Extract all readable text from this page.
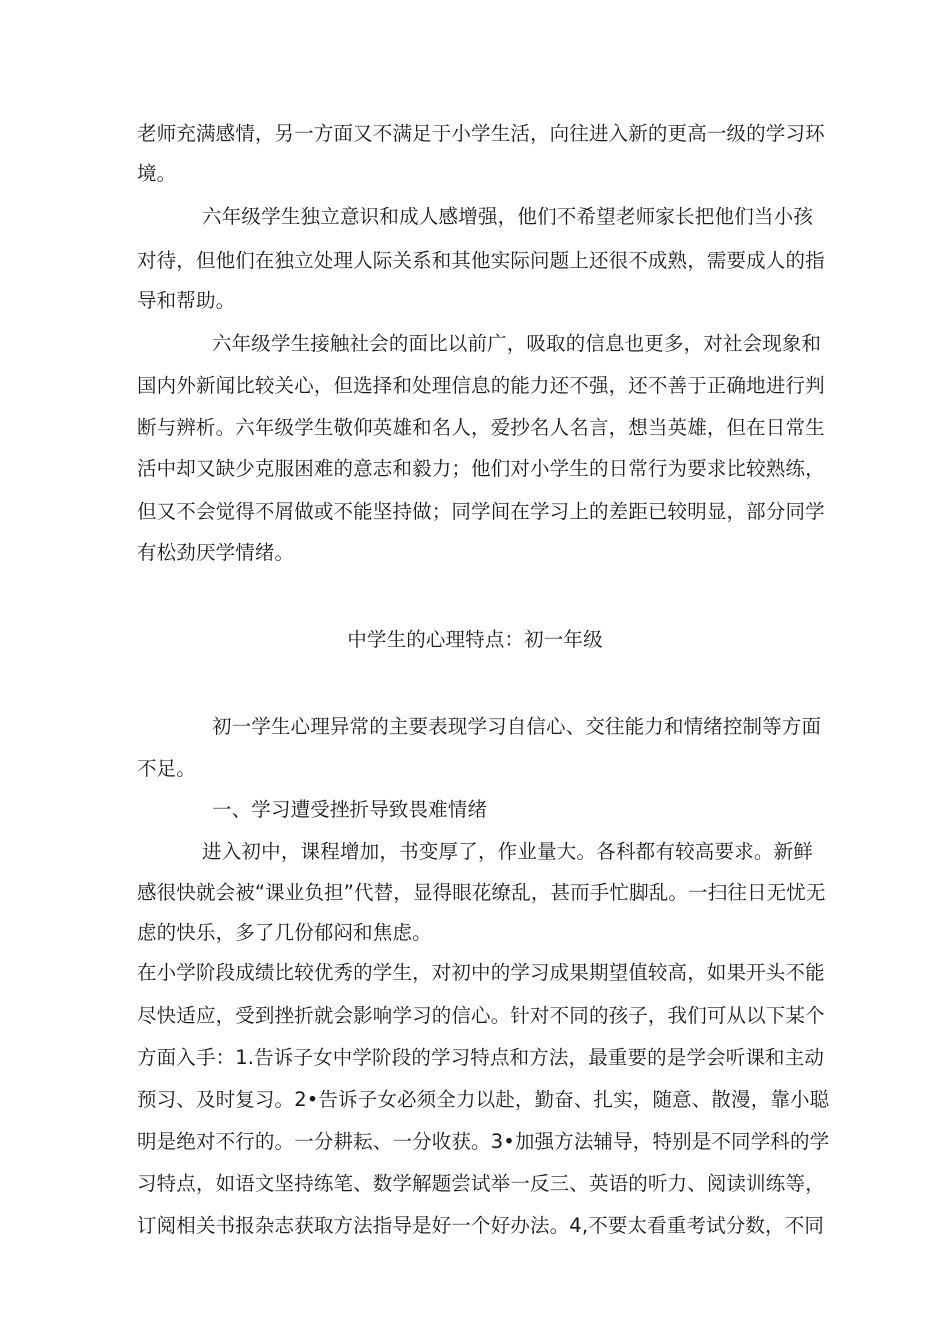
老师充满感情，另一方面又不满足于小学生活，向往进入新的更高一级的学习环
境。
六年级学生独立意识和成人感增强，他们不希望老师家长把他们当小孩
对待，但他们在独立处理人际关系和其他实际问题上还很不成熟，需要成人的指
导和帮助。
六年级学生接触社会的面比以前广，吸取的信息也更多，对社会现象和
国内外新闻比较关心，但选择和处理信息的能力还不强，还不善于正确地进行判
断与辨析。六年级学生敬仰英雄和名人，爱抄名人名言，想当英雄，但在日常生
活中却又缺少克服困难的意志和毅力；他们对小学生的日常行为要求比较熟练，
但又不会觉得不屑做或不能坚持做；同学间在学习上的差距已较明显，部分同学
有松劲厌学情绪。
中学生的心理特点：初一年级
初一学生心理异常的主要表现学习自信心、交往能力和情绪控制等方面
不足。
一、学习遭受挫折导致畏难情绪
进入初中，课程增加，书变厚了，作业量大。各科都有较高要求。新鲜
感很快就会被“课业负担”代替，显得眼花缭乱，甚而手忙脚乱。一扫往日无忧无
虑的快乐，多了几份郁闷和焦虑。
在小学阶段成绩比较优秀的学生，对初中的学习成果期望值较高，如果开头不能
尽快适应，受到挫折就会影响学习的信心。针对不同的孩子，我们可从以下某个
方面入手：1.告诉子女中学阶段的学习特点和方法，最重要的是学会听课和主动
预习、及时复习。2•告诉子女必须全力以赴，勤奋、扎实，随意、散漫，靠小聪
明是绝对不行的。一分耕耘、一分收获。3•加强方法辅导，特别是不同学科的学
习特点，如语文坚持练笔、数学解题尝试举一反三、英语的听力、阅读训练等，
订阅相关书报杂志获取方法指导是好一个好办法。4,不要太看重考试分数，不同
